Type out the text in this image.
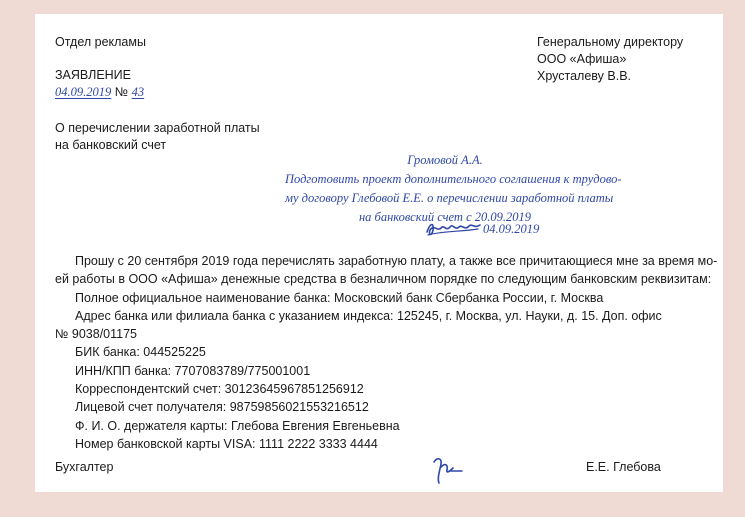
Отдел рекламы
ЗАЯВЛЕНИЕ
04.09.2019 № 43
О перечислении заработной платы
на банковский счет
Генеральному директору
ООО «Афиша»
Хрусталеву В.В.
Громовой А.А.
Подготовить проект дополнительного соглашения к трудово-
му договору Глебовой Е.Е. о перечислении заработной платы
на банковский счет с 20.09.2019
04.09.2019
Прошу с 20 сентября 2019 года перечислять заработную плату, а также все причитающиеся мне за время мо-
ей работы в ООО «Афиша» денежные средства в безналичном порядке по следующим банковским реквизитам:
Полное официальное наименование банка: Московский банк Сбербанка России, г. Москва
Адрес банка или филиала банка с указанием индекса: 125245, г. Москва, ул. Науки, д. 15. Доп. офис
№ 9038/01175
БИК банка: 044525225
ИНН/КПП банка: 7707083789/775001001
Корреспондентский счет: 30123645967851256912
Лицевой счет получателя: 98759856021553216512
Ф. И. О. держателя карты: Глебова Евгения Евгеньевна
Номер банковской карты VISA: 1111 2222 3333 4444
Бухгалтер	Е.Е. Глебова
